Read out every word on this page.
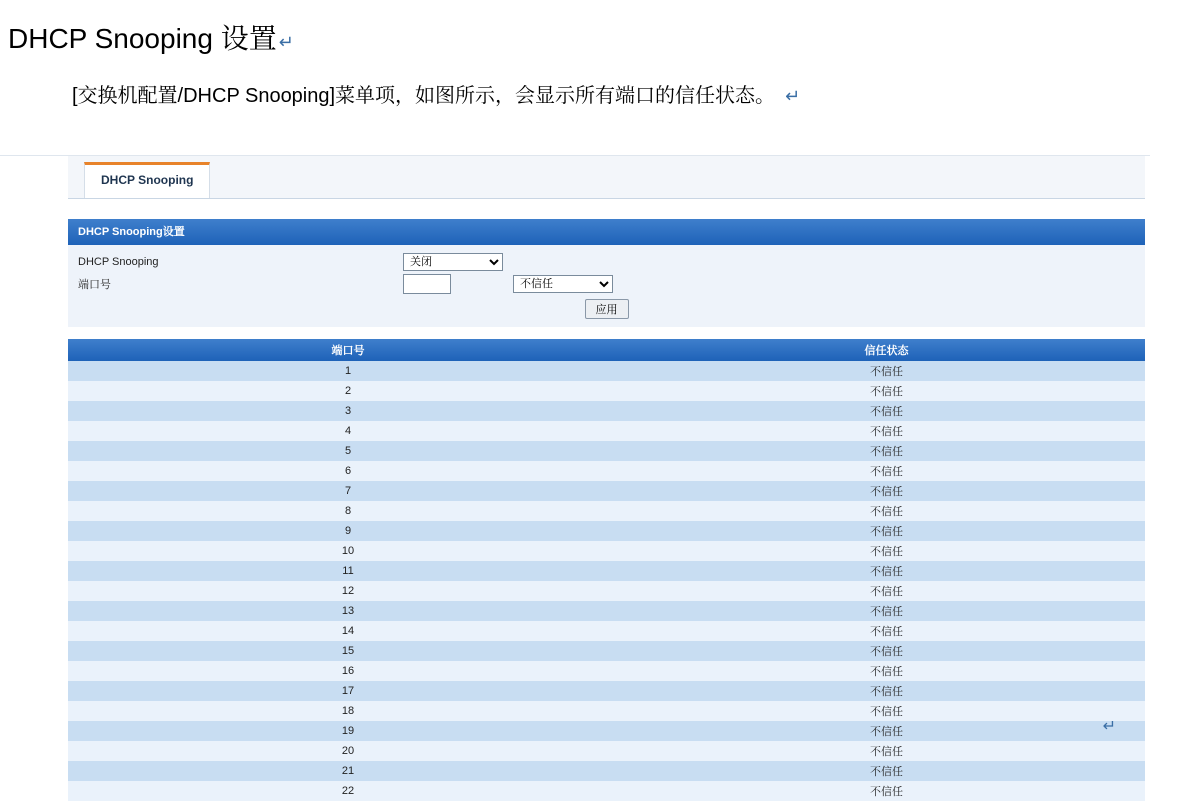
DHCP Snooping 设置 ↵

[交换机配置/DHCP Snooping]菜单项，如图所示，会显示所有端口的信任状态。 ↵

DHCP Snooping
DHCP Snooping设置
DHCP Snooping
关闭
端口号
不信任
应用
端口号	信任状态
1	不信任
2	不信任
3	不信任
4	不信任
5	不信任
6	不信任
7	不信任
8	不信任
9	不信任
10	不信任
11	不信任
12	不信任
13	不信任
14	不信任
15	不信任
16	不信任
17	不信任
18	不信任
19	不信任
20	不信任
21	不信任
22	不信任
↵
